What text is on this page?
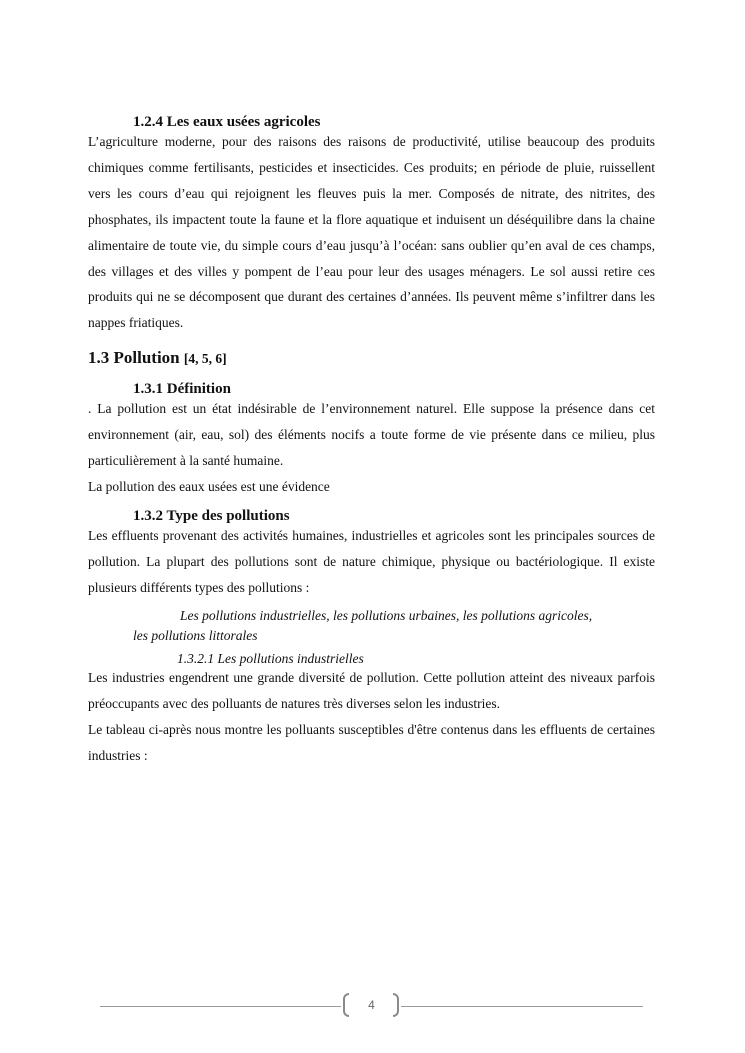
1.2.4 Les eaux usées agricoles
L’agriculture moderne, pour des raisons des raisons de productivité, utilise beaucoup des produits chimiques comme fertilisants, pesticides et insecticides. Ces produits; en période de pluie, ruissellent vers les cours d’eau qui rejoignent les fleuves puis la mer. Composés de nitrate, des nitrites, des phosphates, ils impactent toute la faune et la flore aquatique et induisent un déséquilibre dans la chaine alimentaire de toute vie, du simple cours d’eau jusqu’à l’océan: sans oublier qu’en aval de ces champs, des villages et des villes y pompent de l’eau pour leur des usages ménagers. Le sol aussi retire ces produits qui ne se décomposent que durant des certaines d’années. Ils peuvent même s’infiltrer dans les nappes friatiques.
1.3 Pollution [4, 5, 6]
1.3.1 Définition
. La pollution est un état indésirable de l’environnement naturel. Elle suppose la présence dans cet environnement (air, eau, sol) des éléments nocifs a toute forme de vie présente dans ce milieu, plus particulièrement à la santé humaine.
La pollution des eaux usées est une évidence
1.3.2 Type des pollutions
Les effluents provenant des activités humaines, industrielles et agricoles sont les principales sources de pollution. La plupart des pollutions sont de nature chimique, physique ou bactériologique. Il existe plusieurs différents types des pollutions :
Les pollutions industrielles, les pollutions urbaines, les pollutions agricoles,
les pollutions littorales
1.3.2.1 Les pollutions industrielles
Les industries engendrent une grande diversité de pollution. Cette pollution atteint des niveaux parfois préoccupants avec des polluants de natures très diverses selon les industries.
Le tableau ci-après nous montre les polluants susceptibles d'être contenus dans les effluents de certaines industries :
4
